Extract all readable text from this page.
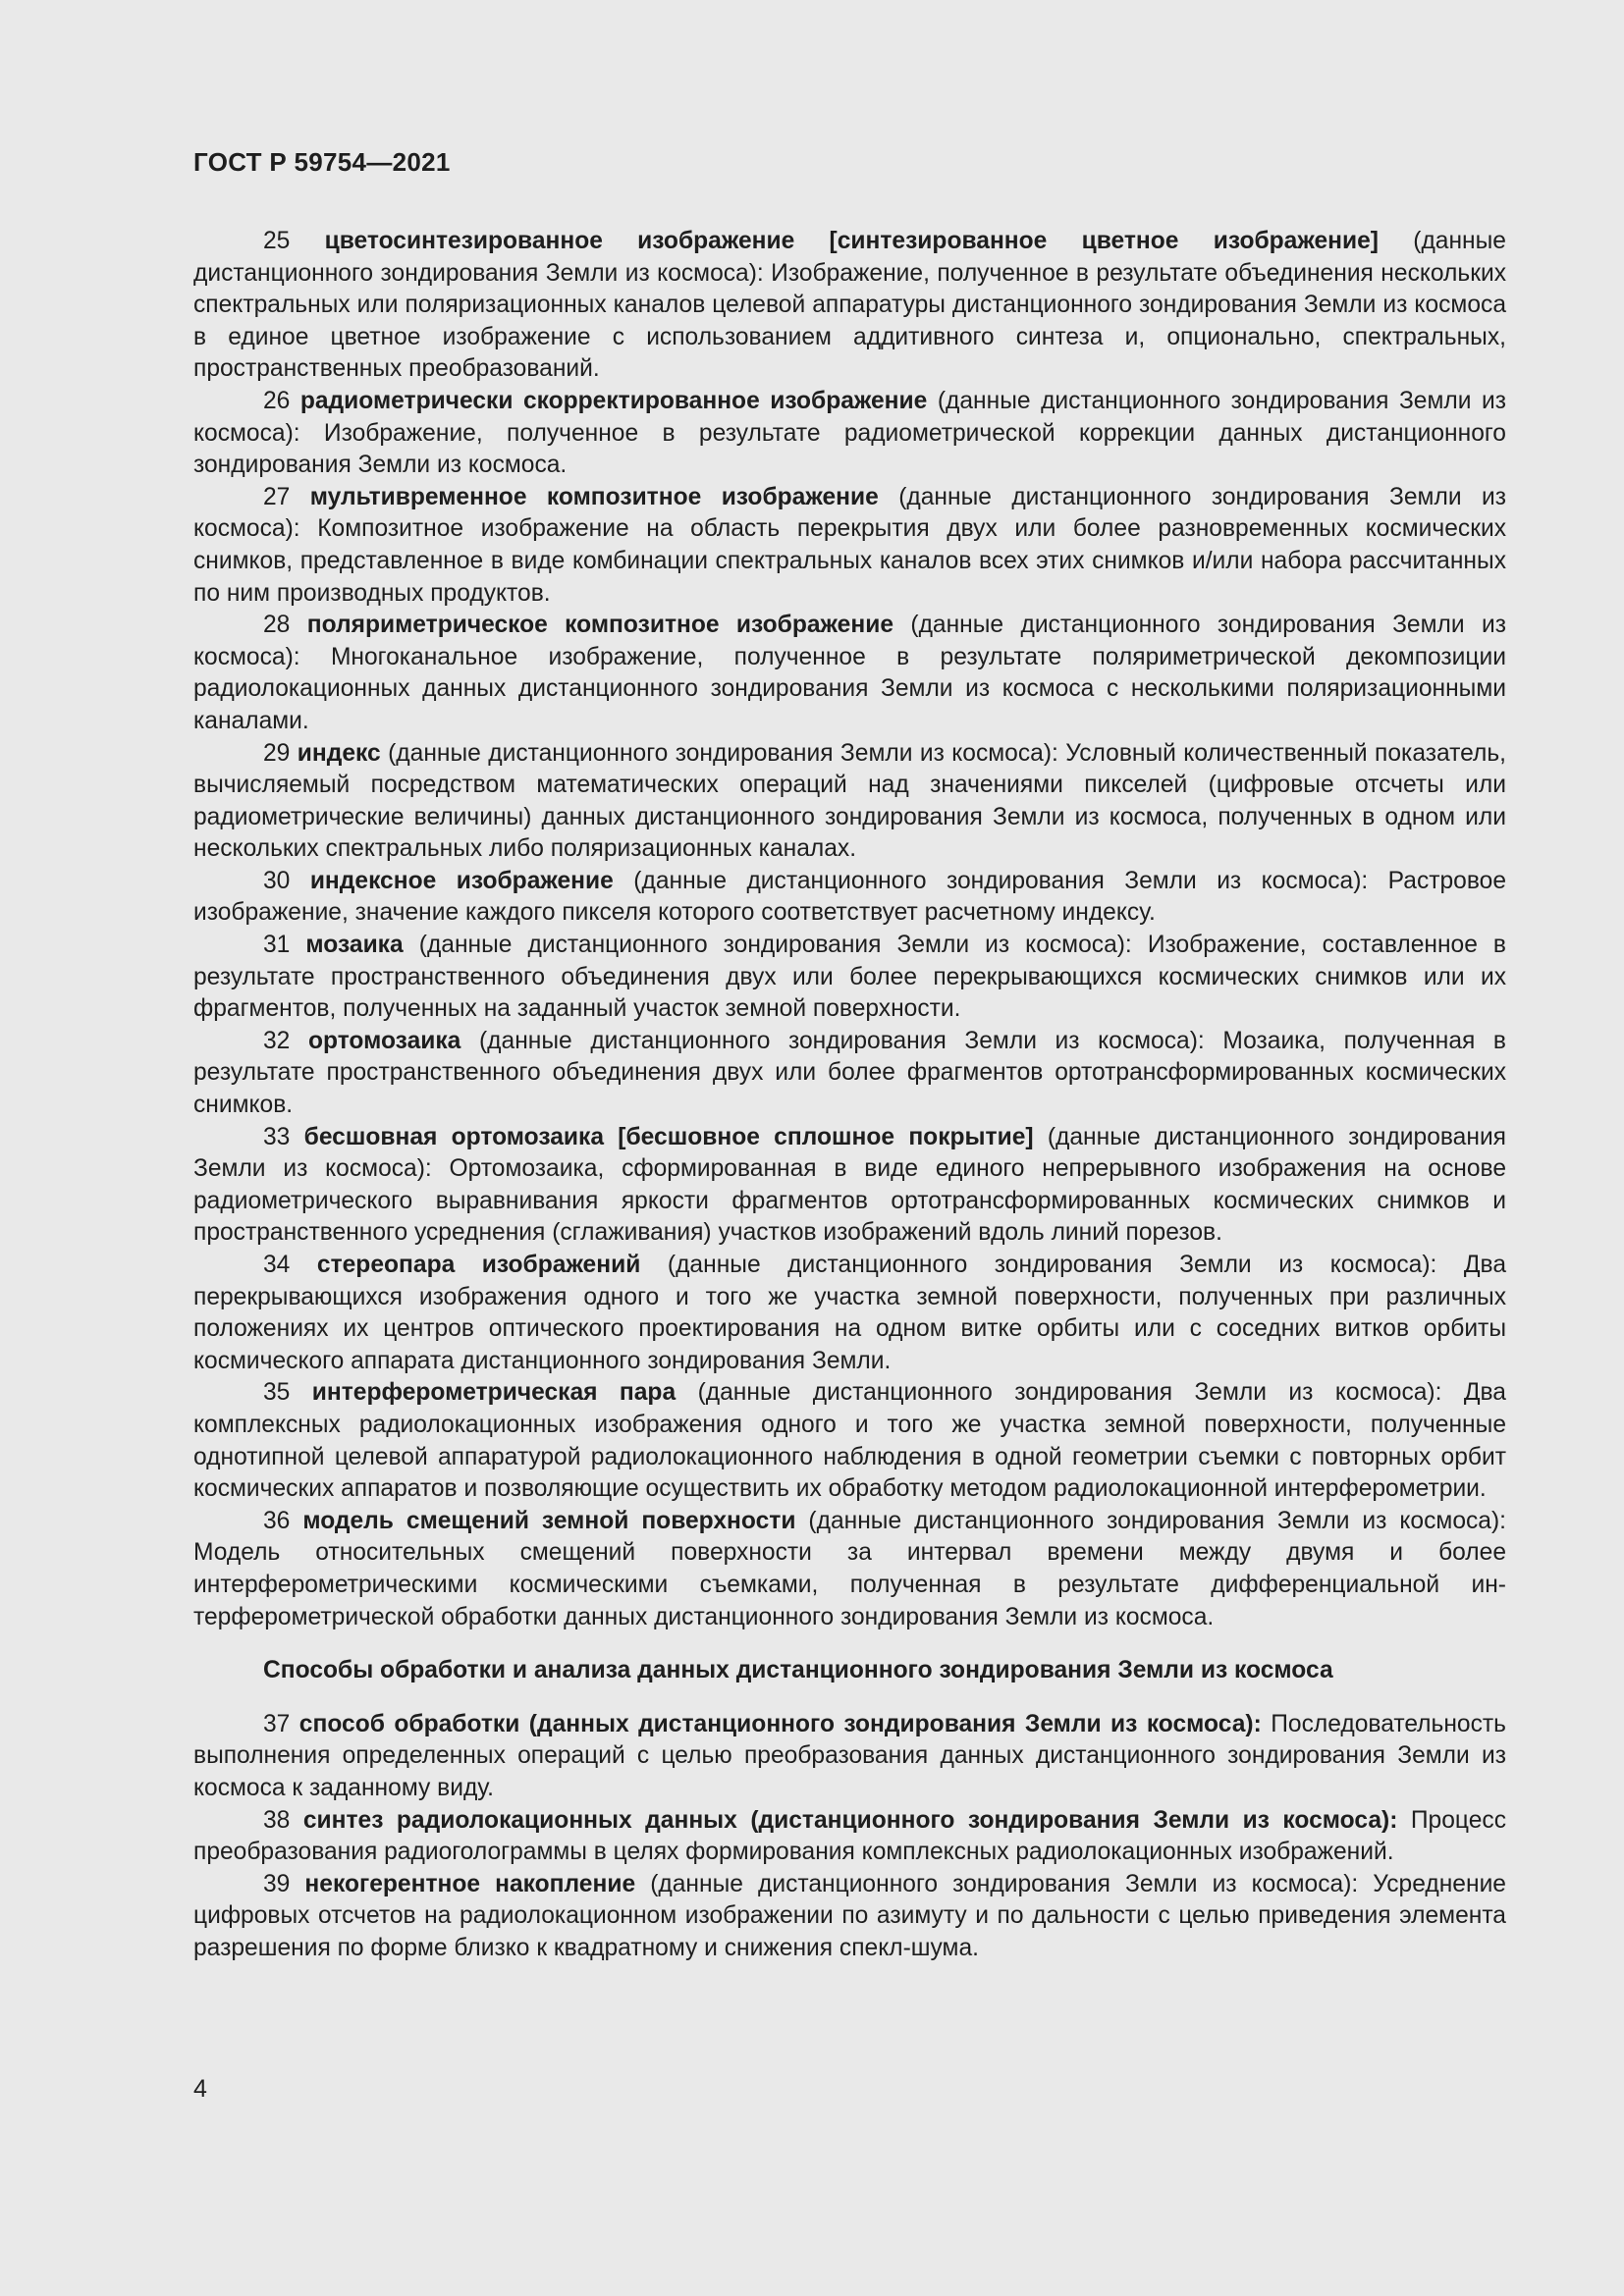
ГОСТ Р 59754—2021

25 цветосинтезированное изображение [синтезированное цветное изображение] (данные дистанционного зондирования Земли из космоса): Изображение, полученное в результате объединения нескольких спектральных или поляризационных каналов целевой аппаратуры дистанционного зондирования Земли из космоса в единое цветное изображение с использованием аддитивного синтеза и, опционально, спектральных, пространственных преобразований.

26 радиометрически скорректированное изображение (данные дистанционного зондирования Земли из космоса): Изображение, полученное в результате радиометрической коррекции данных дистанционного зондирования Земли из космоса.

27 мультивременное композитное изображение (данные дистанционного зондирования Земли из космоса): Композитное изображение на область перекрытия двух или более разновременных космических снимков, представленное в виде комбинации спектральных каналов всех этих снимков и/или набора рассчитанных по ним производных продуктов.

28 поляриметрическое композитное изображение (данные дистанционного зондирования Земли из космоса): Многоканальное изображение, полученное в результате поляриметрической декомпозиции радиолокационных данных дистанционного зондирования Земли из космоса с несколькими поляризационными каналами.

29 индекс (данные дистанционного зондирования Земли из космоса): Условный количественный показатель, вычисляемый посредством математических операций над значениями пикселей (цифровые отсчеты или радиометрические величины) данных дистанционного зондирования Земли из космоса, полученных в одном или нескольких спектральных либо поляризационных каналах.

30 индексное изображение (данные дистанционного зондирования Земли из космоса): Растровое изображение, значение каждого пикселя которого соответствует расчетному индексу.

31 мозаика (данные дистанционного зондирования Земли из космоса): Изображение, составленное в результате пространственного объединения двух или более перекрывающихся космических снимков или их фрагментов, полученных на заданный участок земной поверхности.

32 ортомозаика (данные дистанционного зондирования Земли из космоса): Мозаика, полученная в результате пространственного объединения двух или более фрагментов ортотрансформированных космических снимков.

33 бесшовная ортомозаика [бесшовное сплошное покрытие] (данные дистанционного зондирования Земли из космоса): Ортомозаика, сформированная в виде единого непрерывного изображения на основе радиометрического выравнивания яркости фрагментов ортотрансформированных космических снимков и пространственного усреднения (сглаживания) участков изображений вдоль линий порезов.

34 стереопара изображений (данные дистанционного зондирования Земли из космоса): Два перекрывающихся изображения одного и того же участка земной поверхности, полученных при различных положениях их центров оптического проектирования на одном витке орбиты или с соседних витков орбиты космического аппарата дистанционного зондирования Земли.

35 интерферометрическая пара (данные дистанционного зондирования Земли из космоса): Два комплексных радиолокационных изображения одного и того же участка земной поверхности, полученные однотипной целевой аппаратурой радиолокационного наблюдения в одной геометрии съемки с повторных орбит космических аппаратов и позволяющие осуществить их обработку методом радиолокационной интерферометрии.

36 модель смещений земной поверхности (данные дистанционного зондирования Земли из космоса): Модель относительных смещений поверхности за интервал времени между двумя и более интерферометрическими космическими съемками, полученная в результате дифференциальной интерферометрической обработки данных дистанционного зондирования Земли из космоса.

Способы обработки и анализа данных дистанционного зондирования Земли из космоса

37 способ обработки (данных дистанционного зондирования Земли из космоса): Последовательность выполнения определенных операций с целью преобразования данных дистанционного зондирования Земли из космоса к заданному виду.

38 синтез радиолокационных данных (дистанционного зондирования Земли из космоса): Процесс преобразования радиоголограммы в целях формирования комплексных радиолокационных изображений.

39 некогерентное накопление (данные дистанционного зондирования Земли из космоса): Усреднение цифровых отсчетов на радиолокационном изображении по азимуту и по дальности с целью приведения элемента разрешения по форме близко к квадратному и снижения спекл-шума.

4
